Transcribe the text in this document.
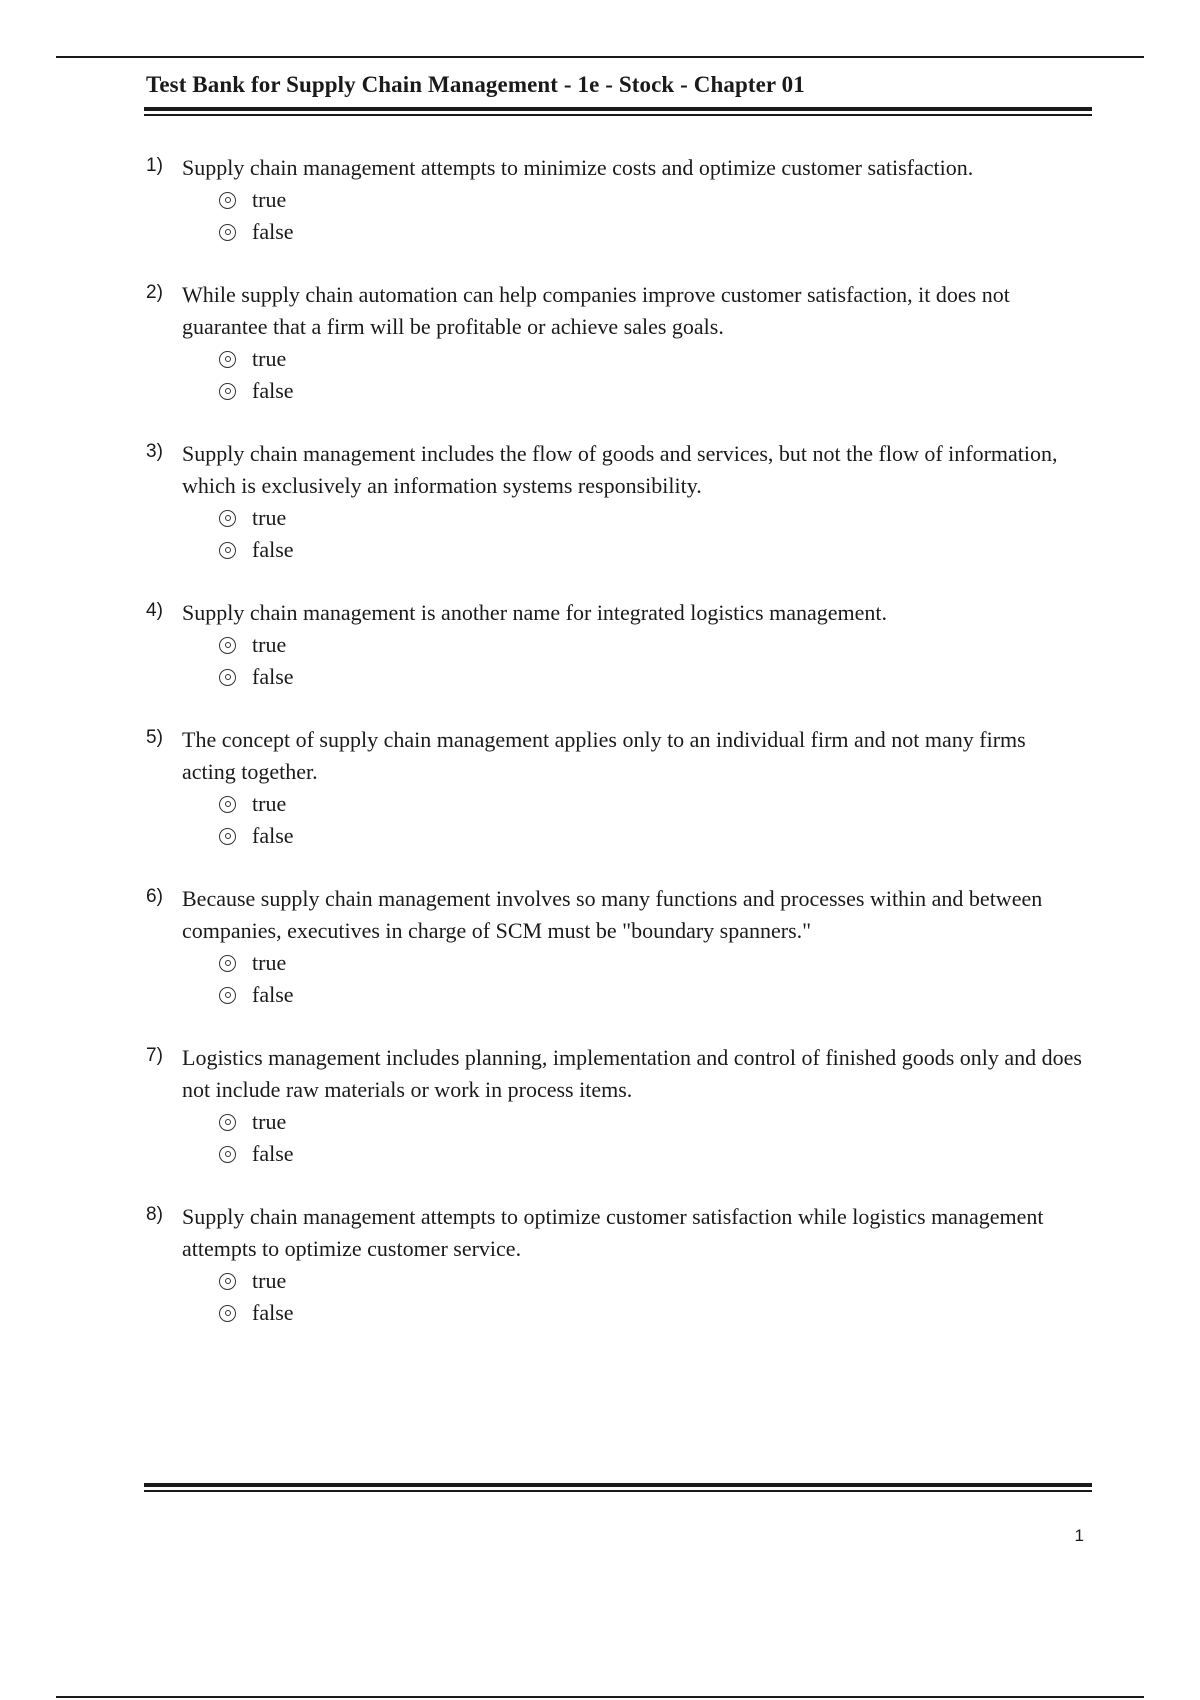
Test Bank for Supply Chain Management - 1e - Stock - Chapter 01
1) Supply chain management attempts to minimize costs and optimize customer satisfaction.
true
false
2) While supply chain automation can help companies improve customer satisfaction, it does not guarantee that a firm will be profitable or achieve sales goals.
true
false
3) Supply chain management includes the flow of goods and services, but not the flow of information, which is exclusively an information systems responsibility.
true
false
4) Supply chain management is another name for integrated logistics management.
true
false
5) The concept of supply chain management applies only to an individual firm and not many firms acting together.
true
false
6) Because supply chain management involves so many functions and processes within and between companies, executives in charge of SCM must be "boundary spanners."
true
false
7) Logistics management includes planning, implementation and control of finished goods only and does not include raw materials or work in process items.
true
false
8) Supply chain management attempts to optimize customer satisfaction while logistics management attempts to optimize customer service.
true
false
1
